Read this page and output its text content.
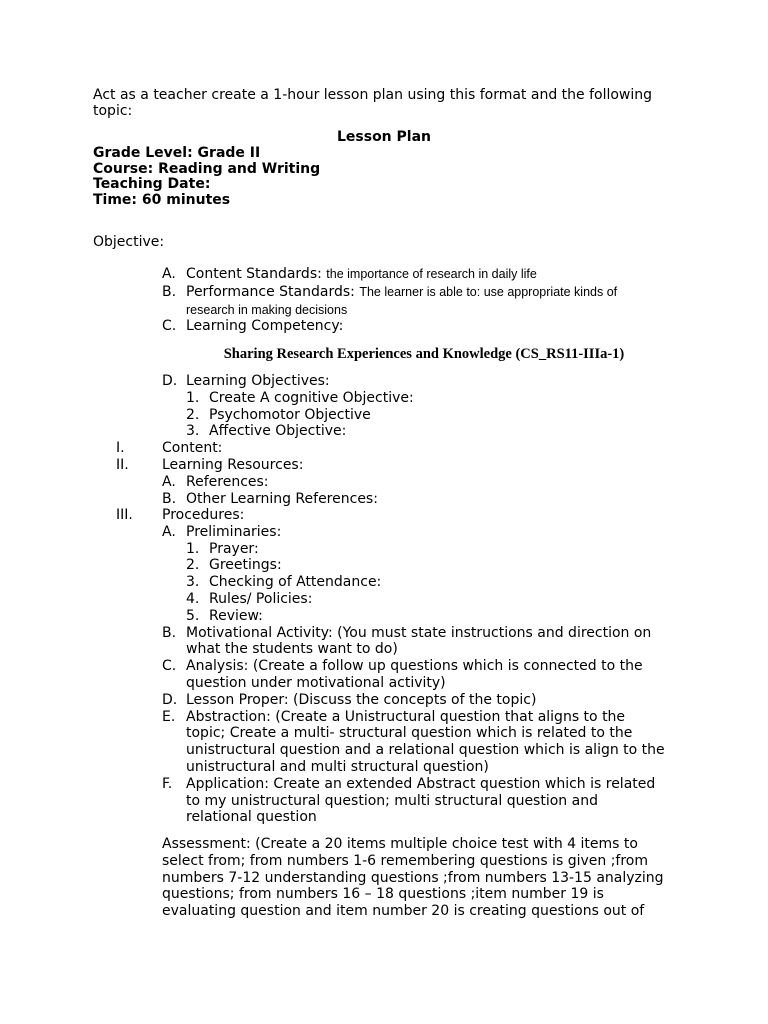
Act as a teacher create a 1-hour lesson plan using this format and the following
topic:
Lesson Plan
Grade Level: Grade II
Course: Reading and Writing
Teaching Date:
Time: 60 minutes
Objective:
A. Content Standards: the importance of research in daily life
B. Performance Standards: The learner is able to: use appropriate kinds of
research in making decisions
C. Learning Competency:
Sharing Research Experiences and Knowledge (CS_RS11-IIIa-1)
D. Learning Objectives:
1. Create A cognitive Objective:
2. Psychomotor Objective
3. Affective Objective:
I.	Content:
II. Learning Resources:
A. References:
B. Other Learning References:
III. Procedures:
A. Preliminaries:
1. Prayer:
2. Greetings:
3. Checking of Attendance:
4. Rules/ Policies:
5. Review:
B. Motivational Activity: (You must state instructions and direction on
what the students want to do)
C. Analysis: (Create a follow up questions which is connected to the
question under motivational activity)
D. Lesson Proper: (Discuss the concepts of the topic)
E. Abstraction: (Create a Unistructural question that aligns to the
topic; Create a multi- structural question which is related to the
unistructural question and a relational question which is align to the
unistructural and multi structural question)
F. Application: Create an extended Abstract question which is related
to my unistructural question; multi structural question and
relational question
Assessment: (Create a 20 items multiple choice test with 4 items to
select from; from numbers 1-6 remembering questions is given ;from
numbers 7-12 understanding questions ;from numbers 13-15 analyzing
questions; from numbers 16 – 18 questions ;item number 19 is
evaluating question and item number 20 is creating questions out of
